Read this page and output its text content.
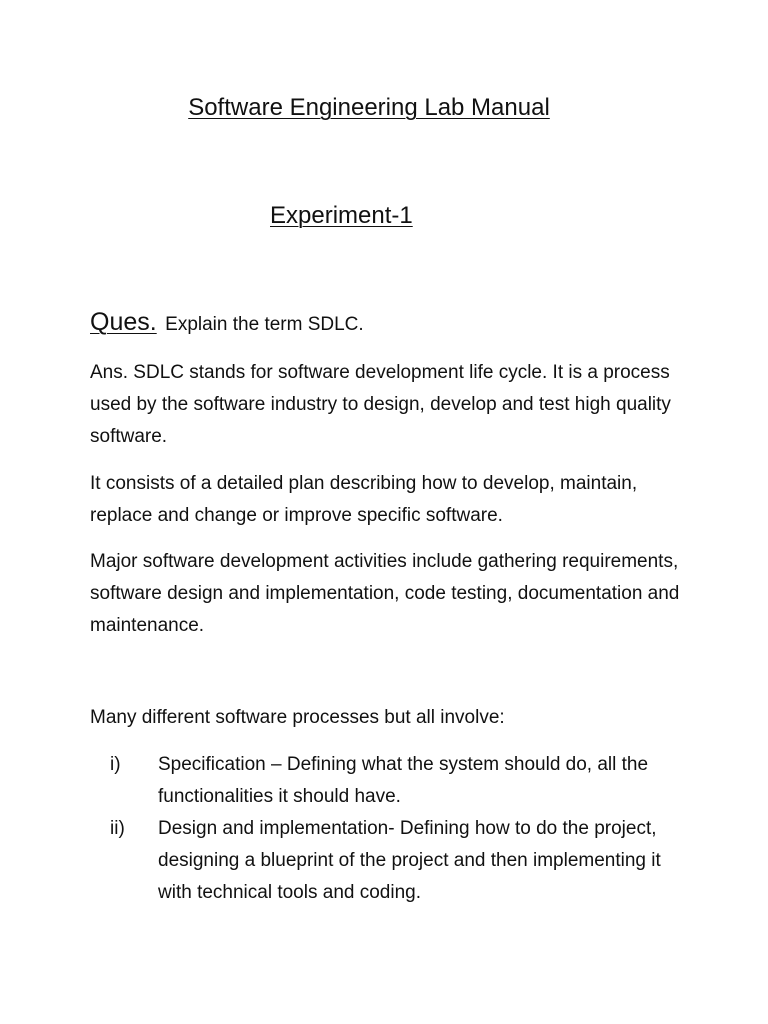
Software Engineering Lab Manual
Experiment-1
Ques. Explain the term SDLC.

Ans. SDLC stands for software development life cycle. It is a process used by the software industry to design, develop and test high quality software.

It consists of a detailed plan describing how to develop, maintain, replace and change or improve specific software.

Major software development activities include gathering requirements, software design and implementation, code testing, documentation and maintenance.

Many different software processes but all involve:

i) Specification – Defining what the system should do, all the functionalities it should have.
ii) Design and implementation- Defining how to do the project, designing a blueprint of the project and then implementing it with technical tools and coding.
